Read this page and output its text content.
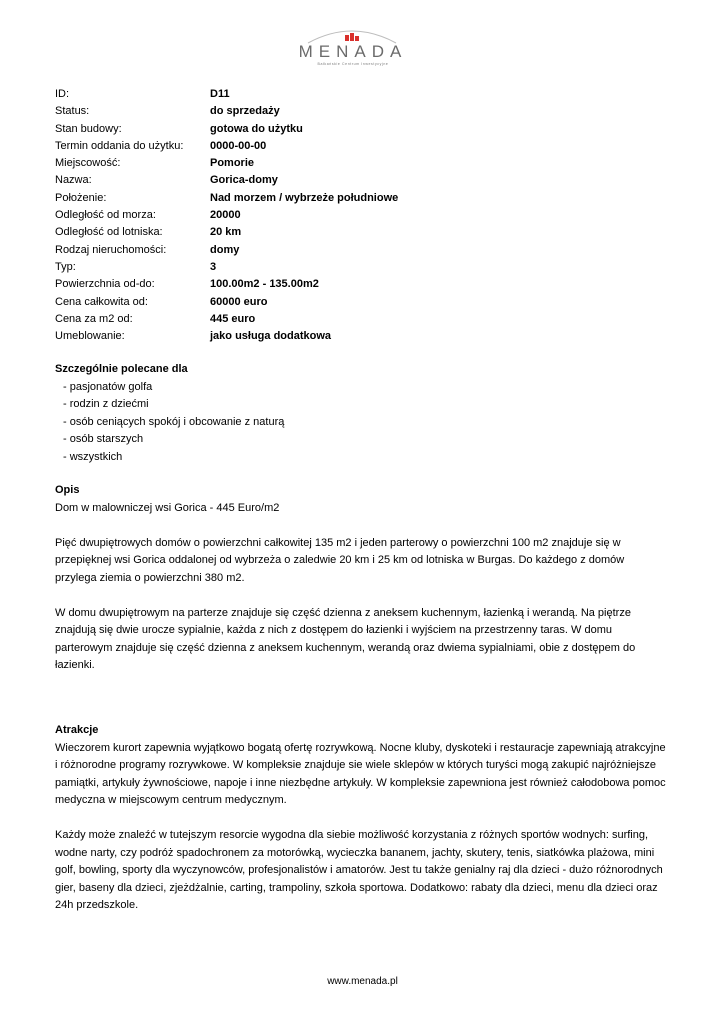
MENADA
Bałkańskie Centrum Inwestycyjne
ID:	D11
Status:	do sprzedaży
Stan budowy:	gotowa do użytku
Termin oddania do użytku:	0000-00-00
Miejscowość:	Pomorie
Nazwa:	Gorica-domy
Położenie:	Nad morzem / wybrzeże południowe
Odległość od morza:	20000
Odległość od lotniska:	20 km
Rodzaj nieruchomości:	domy
Typ:	3
Powierzchnia od-do:	100.00m2 - 135.00m2
Cena całkowita od:	60000 euro
Cena za m2 od:	445 euro
Umeblowanie:	jako usługa dodatkowa
Szczególnie polecane dla
- pasjonatów golfa
- rodzin z dziećmi
- osób ceniących spokój i obcowanie z naturą
- osób starszych
- wszystkich
Opis

Dom w malowniczej wsi Gorica - 445 Euro/m2

Pięć dwupiętrowych domów o powierzchni całkowitej 135 m2 i jeden parterowy o powierzchni 100 m2 znajduje się w przepięknej wsi Gorica oddalonej od wybrzeża o zaledwie 20 km i 25 km od lotniska w Burgas. Do każdego z domów przylega ziemia o powierzchni 380 m2.

W domu dwupiętrowym na parterze znajduje się część dzienna z aneksem kuchennym, łazienką i werandą. Na piętrze znajdują się dwie urocze sypialnie, każda z nich z dostępem do łazienki i wyjściem na przestrzenny taras. W domu parterowym znajduje się część dzienna z aneksem kuchennym, werandą oraz dwiema sypialniami, obie z dostępem do łazienki.

Atrakcje

Wieczorem kurort zapewnia wyjątkowo bogatą ofertę rozrywkową. Nocne kluby, dyskoteki i restauracje zapewniają atrakcyjne i różnorodne programy rozrywkowe. W kompleksie znajduje sie wiele sklepów w których turyści mogą zakupić najróżniejsze pamiątki, artykuły żywnościowe, napoje i inne niezbędne artykuły. W kompleksie zapewniona jest również całodobowa pomoc medyczna w miejscowym centrum medycznym.

Każdy może znaleźć w tutejszym resorcie wygodna dla siebie możliwość korzystania z różnych sportów wodnych: surfing, wodne narty, czy podróż spadochronem za motorówką, wycieczka bananem, jachty, skutery, tenis, siatkówka plażowa, mini golf, bowling, sporty dla wyczynowców, profesjonalistów i amatorów. Jest tu także genialny raj dla dzieci - dużo różnorodnych gier, baseny dla dzieci, zjeżdżalnie, carting, trampoliny, szkoła sportowa. Dodatkowo: rabaty dla dzieci, menu dla dzieci oraz 24h przedszkole.

www.menada.pl
